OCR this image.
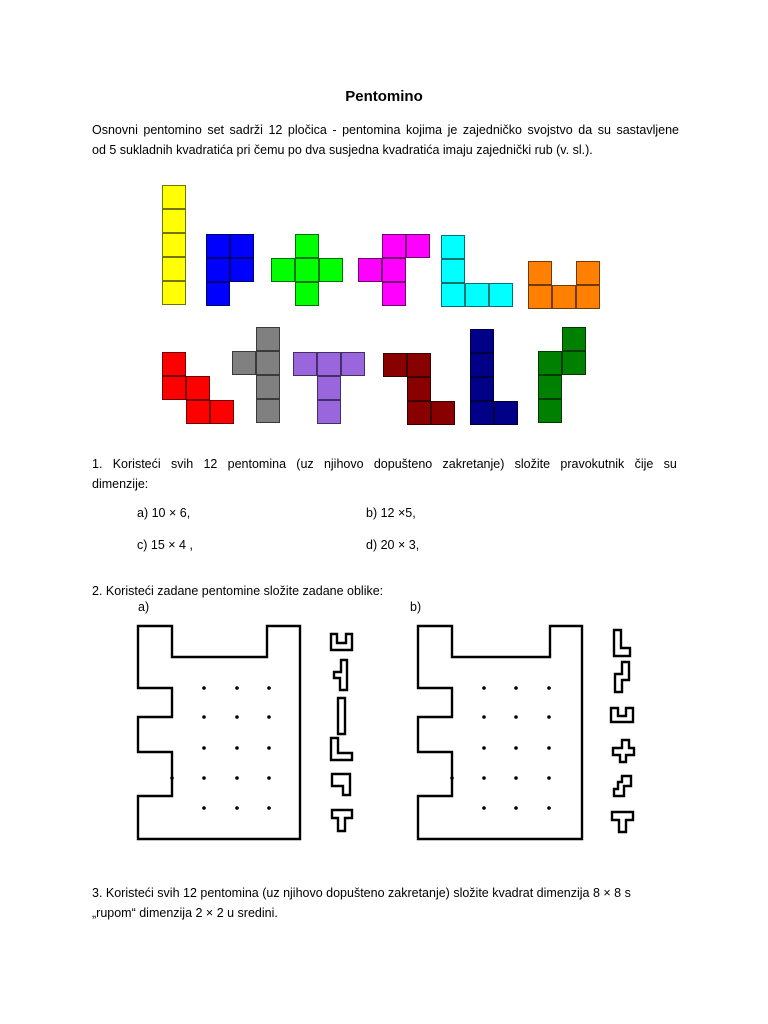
Pentomino
Osnovni pentomino set sadrži 12 pločica - pentomina kojima je zajedničko svojstvo da su sastavljene
od 5 sukladnih kvadratića pri čemu po dva susjedna kvadratića imaju zajednički rub (v. sl.).
1. Koristeći svih 12 pentomina (uz njihovo dopušteno zakretanje) složite pravokutnik čije su
dimenzije:
a) 10 × 6,	b) 12 ×5,
c) 15 × 4 ,	d) 20 × 3,
2. Koristeći zadane pentomine složite zadane oblike:
a)	b)
3. Koristeći svih 12 pentomina (uz njihovo dopušteno zakretanje) složite kvadrat dimenzija 8 × 8 s
„rupom“ dimenzija 2 × 2 u sredini.
